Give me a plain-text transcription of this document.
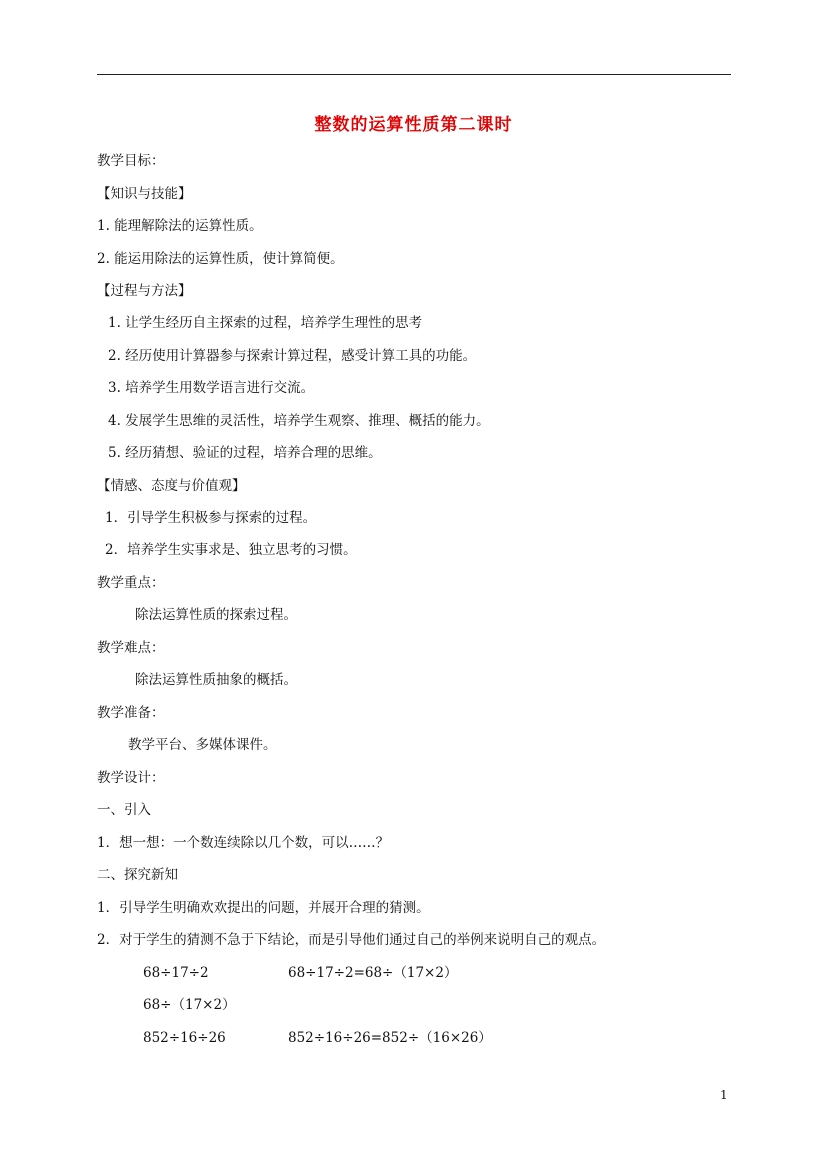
整数的运算性质第二课时
教学目标：
【知识与技能】
1. 能理解除法的运算性质。
2. 能运用除法的运算性质，使计算简便。
【过程与方法】
1. 让学生经历自主探索的过程，培养学生理性的思考
2. 经历使用计算器参与探索计算过程，感受计算工具的功能。
3. 培养学生用数学语言进行交流。
4. 发展学生思维的灵活性，培养学生观察、推理、概括的能力。
5. 经历猜想、验证的过程，培养合理的思维。
【情感、态度与价值观】
1．引导学生积极参与探索的过程。
2．培养学生实事求是、独立思考的习惯。
教学重点：
除法运算性质的探索过程。
教学难点：
除法运算性质抽象的概括。
教学准备：
教学平台、多媒体课件。
教学设计：
一、引入
1．想一想：一个数连续除以几个数，可以……？
二、探究新知
1．引导学生明确欢欢提出的问题，并展开合理的猜测。
2．对于学生的猜测不急于下结论，而是引导他们通过自己的举例来说明自己的观点。
68÷17÷2	68÷17÷2=68÷（17×2）
68÷（17×2）
852÷16÷26	852÷16÷26=852÷（16×26）
1
